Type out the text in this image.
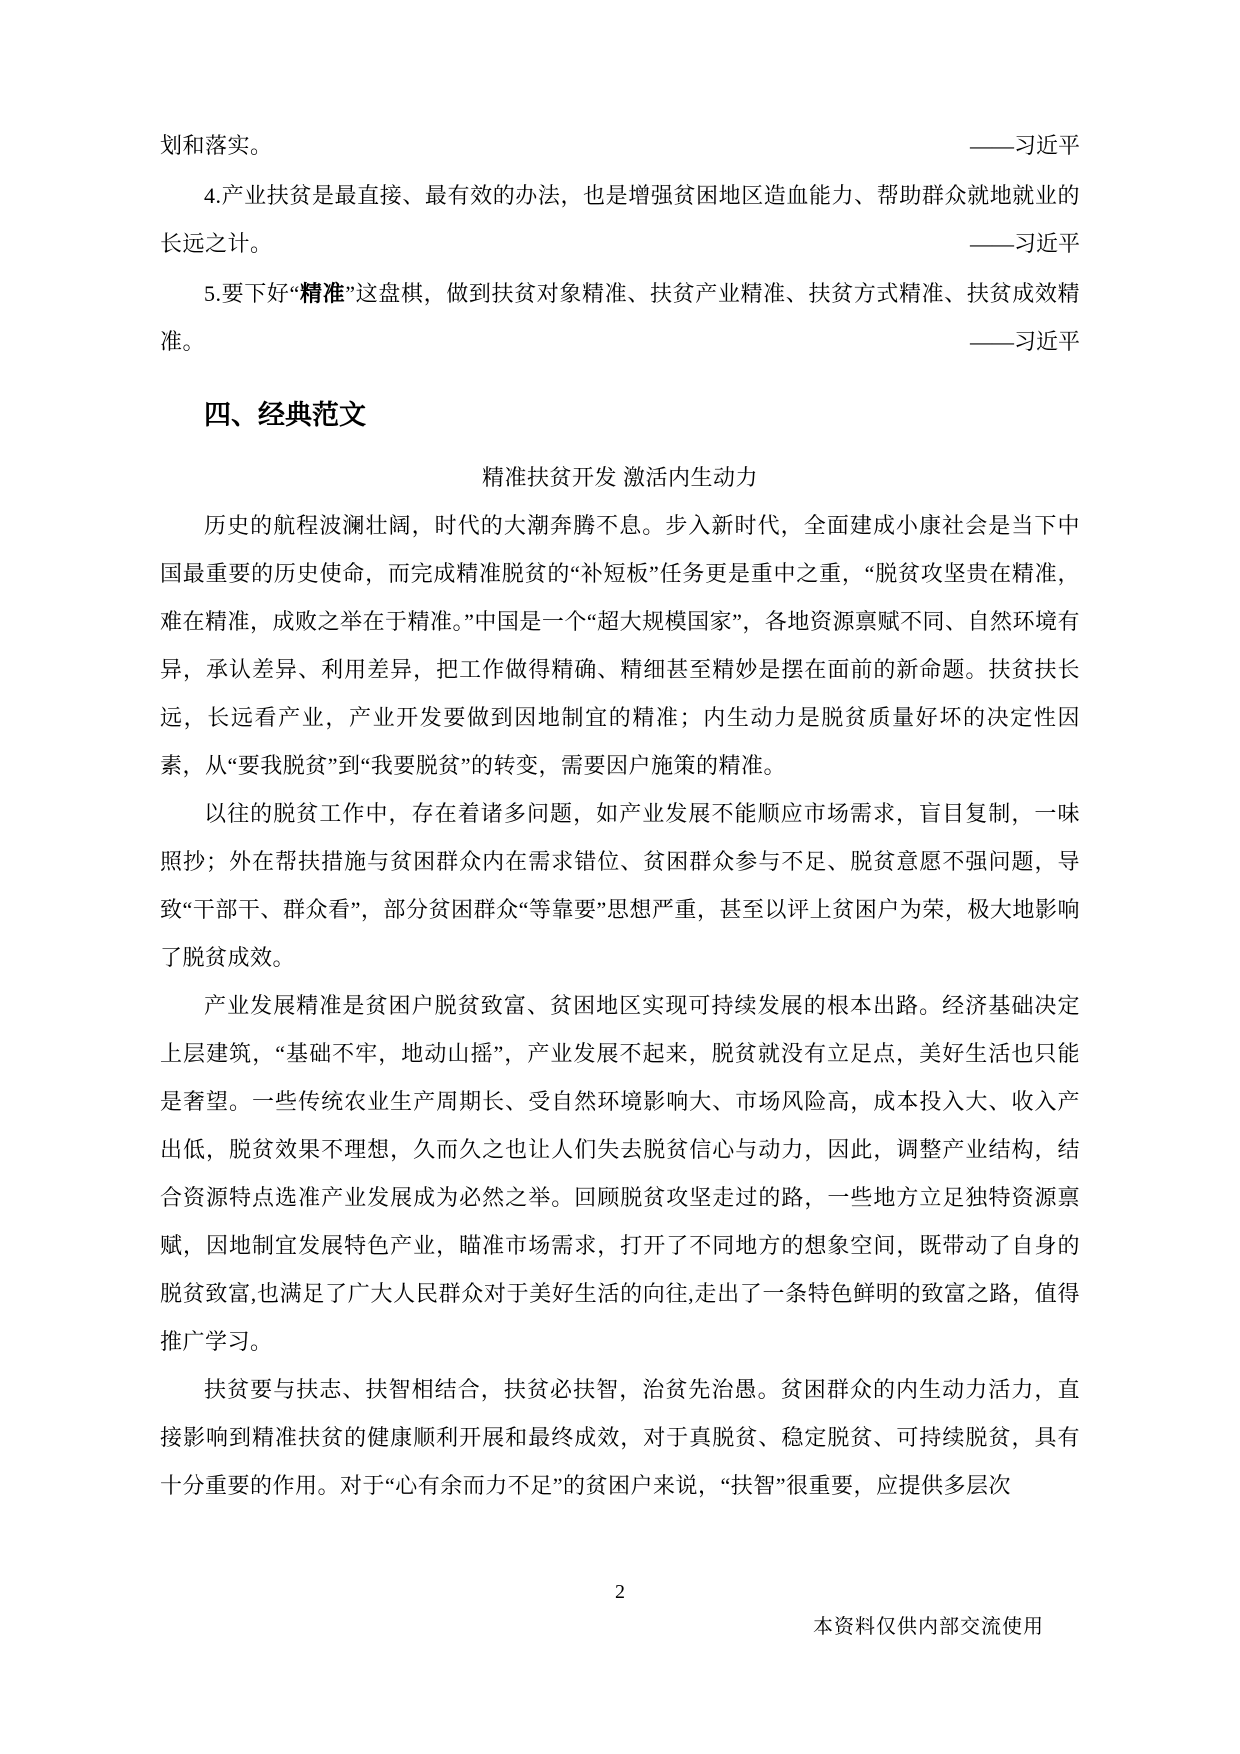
划和落实。	——习近平

4.产业扶贫是最直接、最有效的办法，也是增强贫困地区造血能力、帮助群众就地就业的长远之计。	——习近平

5.要下好“精准”这盘棋，做到扶贫对象精准、扶贫产业精准、扶贫方式精准、扶贫成效精准。	——习近平
四、经典范文
精准扶贫开发 激活内生动力

历史的航程波澜壮阔，时代的大潮奔腾不息。步入新时代，全面建成小康社会是当下中国最重要的历史使命，而完成精准脱贫的“补短板”任务更是重中之重，“脱贫攻坚贵在精准，难在精准，成败之举在于精准。”中国是一个“超大规模国家”，各地资源禀赋不同、自然环境有异，承认差异、利用差异，把工作做得精确、精细甚至精妙是摆在面前的新命题。扶贫扶长远，长远看产业，产业开发要做到因地制宜的精准；内生动力是脱贫质量好坏的决定性因素，从“要我脱贫”到“我要脱贫”的转变，需要因户施策的精准。

以往的脱贫工作中，存在着诸多问题，如产业发展不能顺应市场需求，盲目复制，一味照抄；外在帮扶措施与贫困群众内在需求错位、贫困群众参与不足、脱贫意愿不强问题，导致“干部干、群众看”，部分贫困群众“等靠要”思想严重，甚至以评上贫困户为荣，极大地影响了脱贫成效。

产业发展精准是贫困户脱贫致富、贫困地区实现可持续发展的根本出路。经济基础决定上层建筑，“基础不牢，地动山摇”，产业发展不起来，脱贫就没有立足点，美好生活也只能是奢望。一些传统农业生产周期长、受自然环境影响大、市场风险高，成本投入大、收入产出低，脱贫效果不理想，久而久之也让人们失去脱贫信心与动力，因此，调整产业结构，结合资源特点选准产业发展成为必然之举。回顾脱贫攻坚走过的路，一些地方立足独特资源禀赋，因地制宜发展特色产业，瞄准市场需求，打开了不同地方的想象空间，既带动了自身的脱贫致富,也满足了广大人民群众对于美好生活的向往,走出了一条特色鲜明的致富之路，值得推广学习。

扶贫要与扶志、扶智相结合，扶贫必扶智，治贫先治愚。贫困群众的内生动力活力，直接影响到精准扶贫的健康顺利开展和最终成效，对于真脱贫、稳定脱贫、可持续脱贫，具有十分重要的作用。对于“心有余而力不足”的贫困户来说，“扶智”很重要，应提供多层次

2
本资料仅供内部交流使用
